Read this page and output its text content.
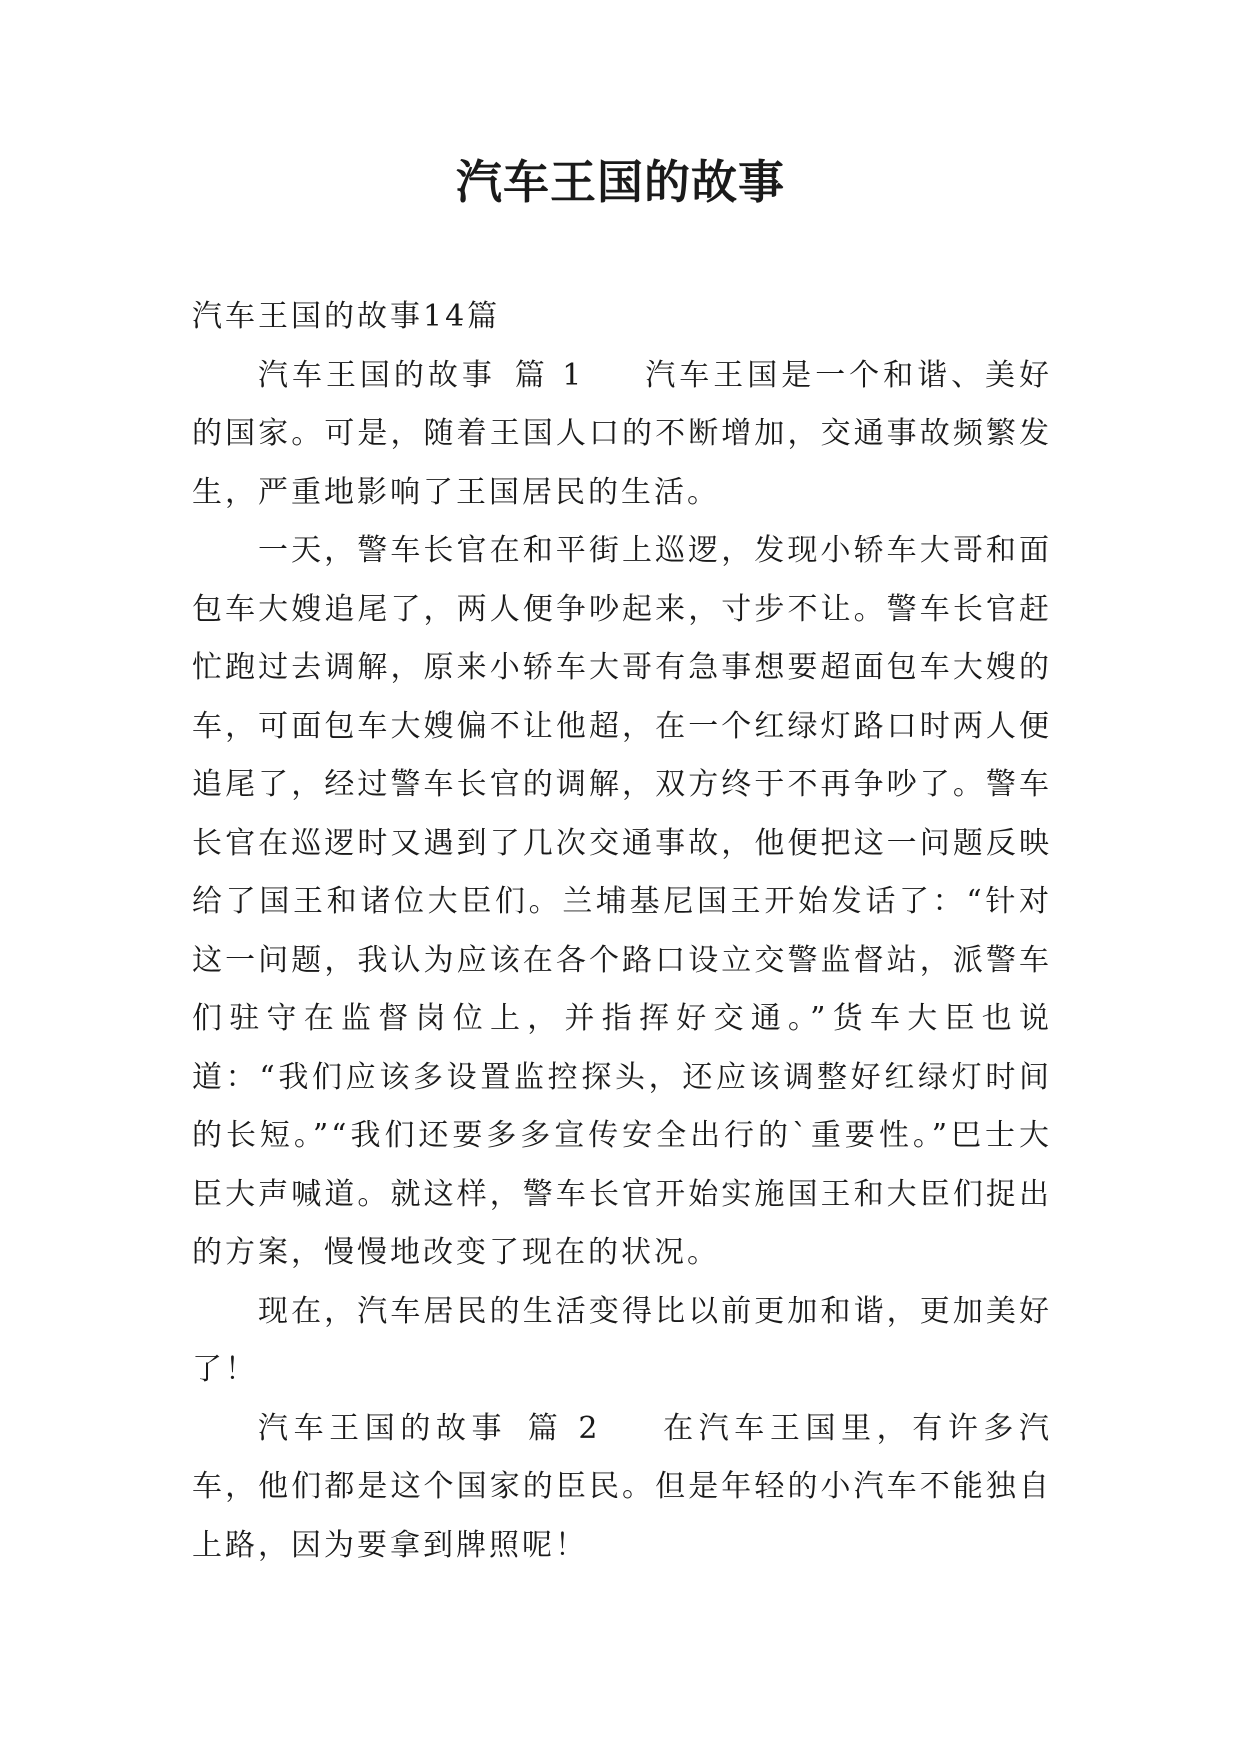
汽车王国的故事

汽车王国的故事14篇

汽车王国的故事 篇 1 汽车王国是一个和谐、美好的国家。可是，随着王国人口的不断增加，交通事故频繁发生，严重地影响了王国居民的生活。

一天，警车长官在和平街上巡逻，发现小轿车大哥和面包车大嫂追尾了，两人便争吵起来，寸步不让。警车长官赶忙跑过去调解，原来小轿车大哥有急事想要超面包车大嫂的车，可面包车大嫂偏不让他超，在一个红绿灯路口时两人便追尾了，经过警车长官的调解，双方终于不再争吵了。警车长官在巡逻时又遇到了几次交通事故，他便把这一问题反映给了国王和诸位大臣们。兰埔基尼国王开始发话了：“针对这一问题，我认为应该在各个路口设立交警监督站，派警车们驻守在监督岗位上，并指挥好交通。”货车大臣也说道：“我们应该多设置监控探头，还应该调整好红绿灯时间的长短。”“我们还要多多宣传安全出行的`重要性。”巴士大臣大声喊道。就这样，警车长官开始实施国王和大臣们捉出的方案，慢慢地改变了现在的状况。

现在，汽车居民的生活变得比以前更加和谐，更加美好了！

汽车王国的故事 篇 2 在汽车王国里，有许多汽车，他们都是这个国家的臣民。但是年轻的小汽车不能独自上路，因为要拿到牌照呢！
